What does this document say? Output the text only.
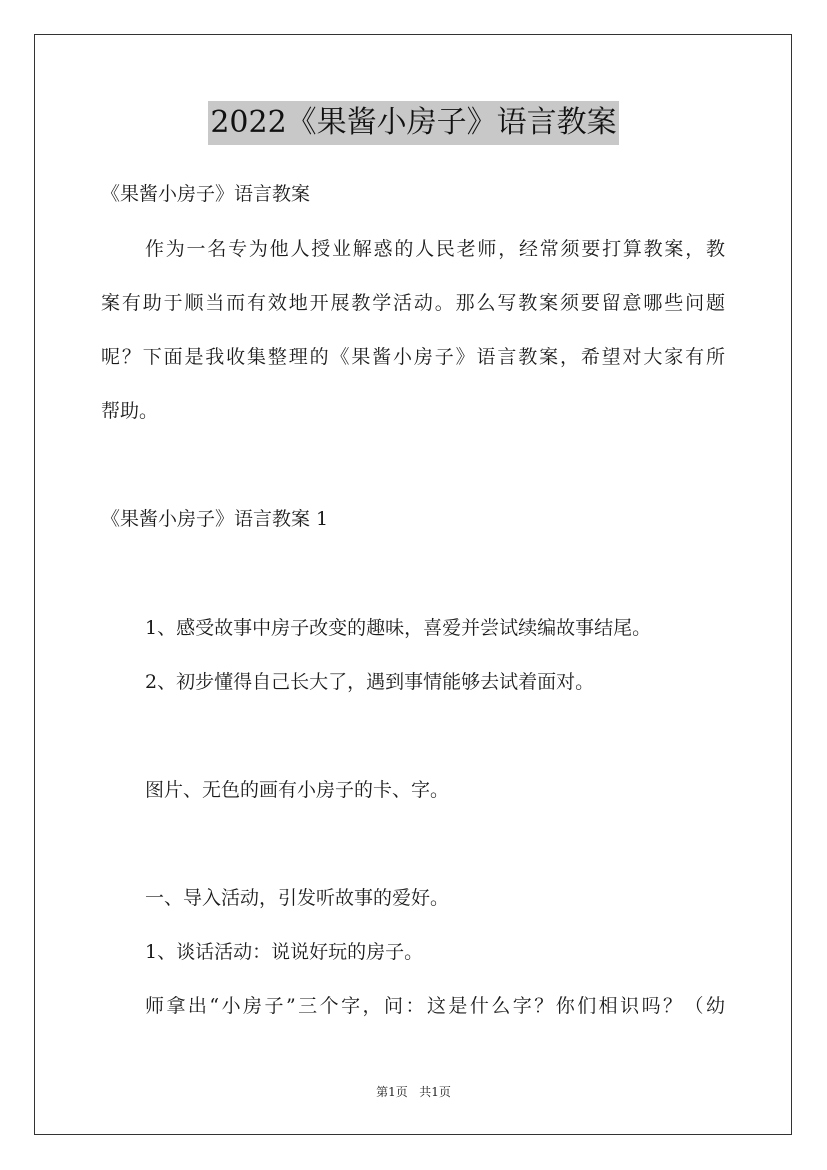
2022《果酱小房子》语言教案
《果酱小房子》语言教案
作为一名专为他人授业解惑的人民老师，经常须要打算教案，教
案有助于顺当而有效地开展教学活动。那么写教案须要留意哪些问题
呢？下面是我收集整理的《果酱小房子》语言教案，希望对大家有所
帮助。
《果酱小房子》语言教案 1
1、感受故事中房子改变的趣味，喜爱并尝试续编故事结尾。
2、初步懂得自己长大了，遇到事情能够去试着面对。
图片、无色的画有小房子的卡、字。
一、导入活动，引发听故事的爱好。
1、谈话活动：说说好玩的房子。
师拿出“小房子”三个字，问：这是什么字？你们相识吗？（幼
第1页 共1页
